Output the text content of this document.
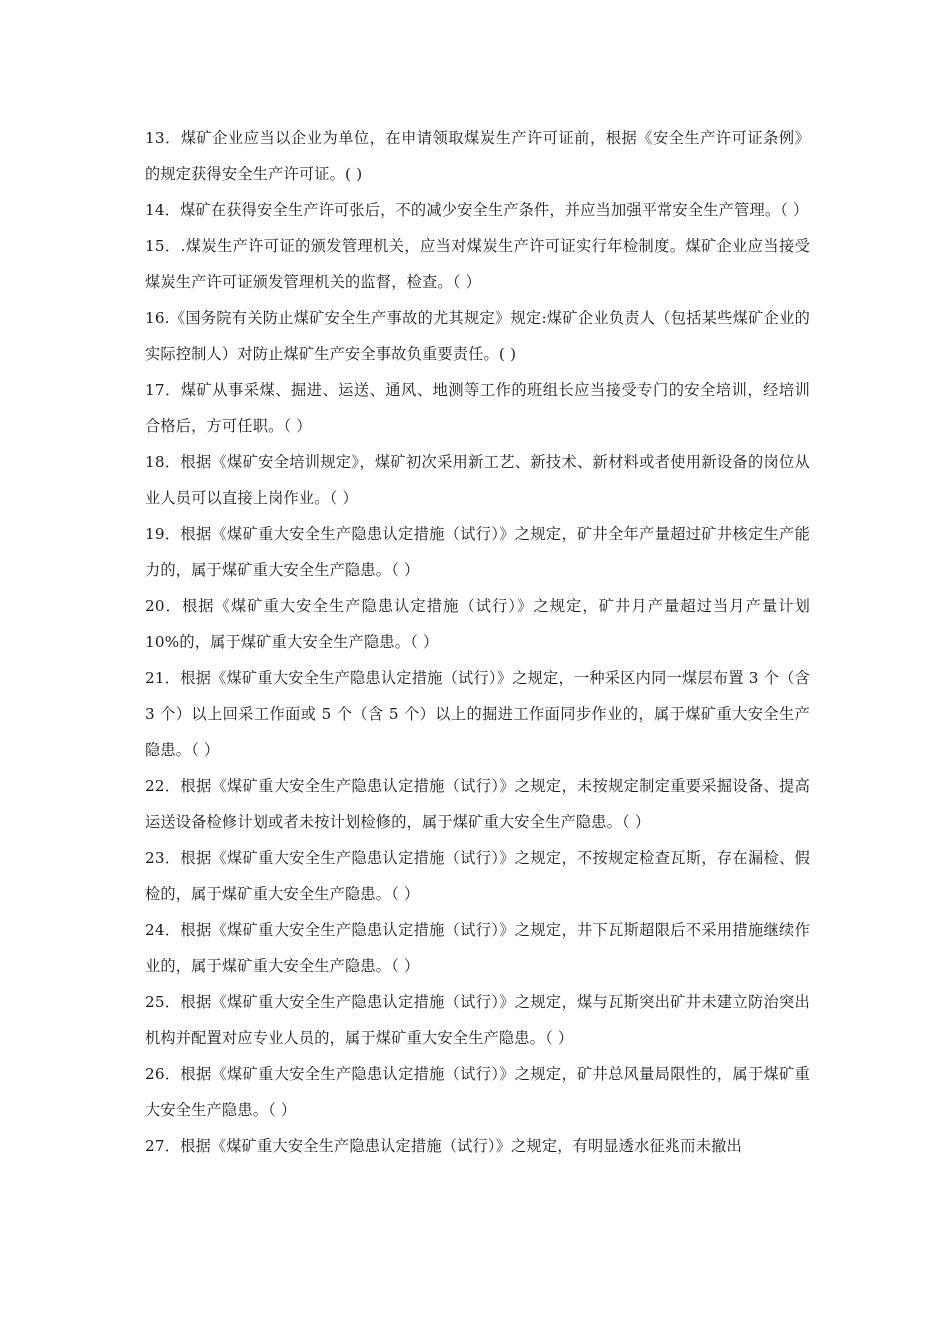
13．煤矿企业应当以企业为单位，在申请领取煤炭生产许可证前，根据《安全生产许可证条例》的规定获得安全生产许可证。( )

14．煤矿在获得安全生产许可张后，不的减少安全生产条件，并应当加强平常安全生产管理。（ ）

15．.煤炭生产许可证的颁发管理机关，应当对煤炭生产许可证实行年检制度。煤矿企业应当接受煤炭生产许可证颁发管理机关的监督，检查。（ ）

16.《国务院有关防止煤矿安全生产事故的尤其规定》规定:煤矿企业负责人（包括某些煤矿企业的实际控制人）对防止煤矿生产安全事故负重要责任。( )

17．煤矿从事采煤、掘进、运送、通风、地测等工作的班组长应当接受专门的安全培训，经培训合格后，方可任职。（ ）

18．根据《煤矿安全培训规定》，煤矿初次采用新工艺、新技术、新材料或者使用新设备的岗位从业人员可以直接上岗作业。（ ）

19．根据《煤矿重大安全生产隐患认定措施（试行）》之规定，矿井全年产量超过矿井核定生产能力的，属于煤矿重大安全生产隐患。（ ）

20．根据《煤矿重大安全生产隐患认定措施（试行）》之规定，矿井月产量超过当月产量计划 10%的，属于煤矿重大安全生产隐患。（ ）

21．根据《煤矿重大安全生产隐患认定措施（试行）》之规定，一种采区内同一煤层布置 3 个（含 3 个）以上回采工作面或 5 个（含 5 个）以上的掘进工作面同步作业的，属于煤矿重大安全生产隐患。（ ）

22．根据《煤矿重大安全生产隐患认定措施（试行）》之规定，未按规定制定重要采掘设备、提高运送设备检修计划或者未按计划检修的，属于煤矿重大安全生产隐患。（ ）

23．根据《煤矿重大安全生产隐患认定措施（试行）》之规定，不按规定检查瓦斯，存在漏检、假检的，属于煤矿重大安全生产隐患。（ ）

24．根据《煤矿重大安全生产隐患认定措施（试行）》之规定，井下瓦斯超限后不采用措施继续作业的，属于煤矿重大安全生产隐患。（ ）

25．根据《煤矿重大安全生产隐患认定措施（试行）》之规定，煤与瓦斯突出矿井未建立防治突出机构并配置对应专业人员的，属于煤矿重大安全生产隐患。（ ）

26．根据《煤矿重大安全生产隐患认定措施（试行）》之规定，矿井总风量局限性的，属于煤矿重大安全生产隐患。（ ）

27．根据《煤矿重大安全生产隐患认定措施（试行）》之规定，有明显透水征兆而未撤出
